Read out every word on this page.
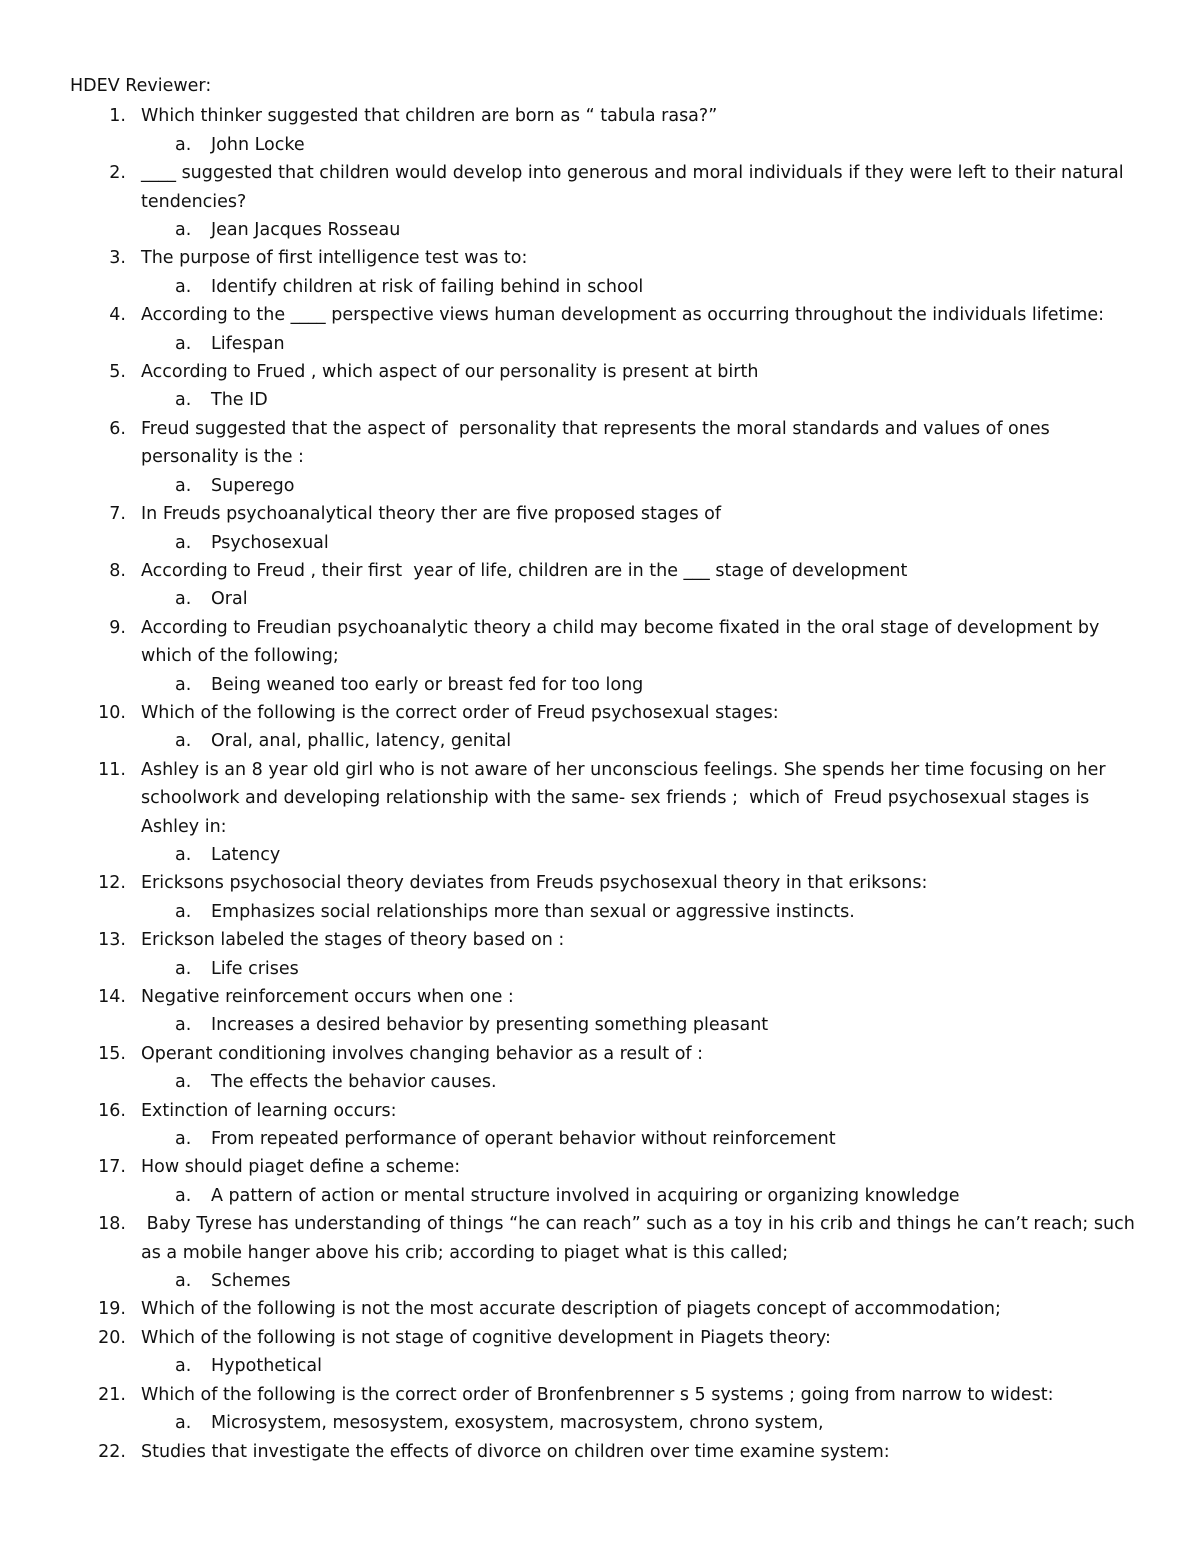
HDEV Reviewer:
1. Which thinker suggested that children are born as “ tabula rasa?”
a. John Locke
2. ____ suggested that children would develop into generous and moral individuals if they were left to their natural tendencies?
a. Jean Jacques Rosseau
3. The purpose of first intelligence test was to:
a. Identify children at risk of failing behind in school
4. According to the ____ perspective views human development as occurring throughout the individuals lifetime:
a. Lifespan
5. According to Frued , which aspect of our personality is present at birth
a. The ID
6. Freud suggested that the aspect of  personality that represents the moral standards and values of ones personality is the :
a. Superego
7. In Freuds psychoanalytical theory ther are five proposed stages of
a. Psychosexual
8. According to Freud , their first  year of life, children are in the ___ stage of development
a. Oral
9. According to Freudian psychoanalytic theory a child may become fixated in the oral stage of development by which of the following;
a. Being weaned too early or breast fed for too long
10. Which of the following is the correct order of Freud psychosexual stages:
a. Oral, anal, phallic, latency, genital
11. Ashley is an 8 year old girl who is not aware of her unconscious feelings. She spends her time focusing on her schoolwork and developing relationship with the same- sex friends ;  which of  Freud psychosexual stages is Ashley in:
a. Latency
12. Ericksons psychosocial theory deviates from Freuds psychosexual theory in that eriksons:
a. Emphasizes social relationships more than sexual or aggressive instincts.
13. Erickson labeled the stages of theory based on :
a. Life crises
14. Negative reinforcement occurs when one :
a. Increases a desired behavior by presenting something pleasant
15. Operant conditioning involves changing behavior as a result of :
a. The effects the behavior causes.
16. Extinction of learning occurs:
a. From repeated performance of operant behavior without reinforcement
17. How should piaget define a scheme:
a. A pattern of action or mental structure involved in acquiring or organizing knowledge
18. Baby Tyrese has understanding of things “he can reach” such as a toy in his crib and things he can’t reach; such as a mobile hanger above his crib; according to piaget what is this called;
a. Schemes
19. Which of the following is not the most accurate description of piagets concept of accommodation;
20. Which of the following is not stage of cognitive development in Piagets theory:
a. Hypothetical
21. Which of the following is the correct order of Bronfenbrenner s 5 systems ; going from narrow to widest:
a. Microsystem, mesosystem, exosystem, macrosystem, chrono system,
22. Studies that investigate the effects of divorce on children over time examine system:
